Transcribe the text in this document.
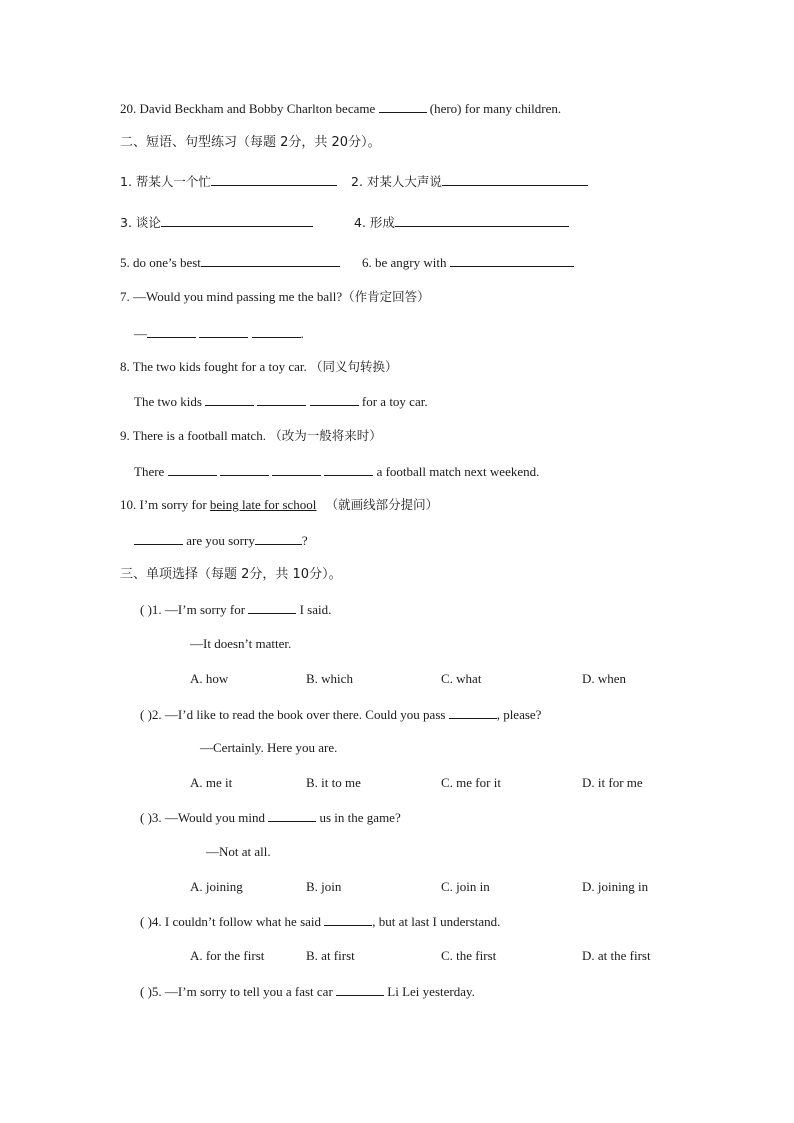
20. David Beckham and Bobby Charlton became	(hero) for many children.
二、短语、句型练习（每题 2分，共 20分）。
1. 帮某人一个忙	2. 对某人大声说
3. 谈论	4. 形成
5. do one’s best	6. be angry with
7. —Would you mind passing me the ball?（作肯定回答）
—	.
8. The two kids fought for a toy car. （同义句转换）
The two kids	for a toy car.
9. There is a football match. （改为一般将来时）
There	a football match next weekend.
10. I’m sorry for being late for school （就画线部分提问）
are you sorry	?
三、单项选择（每题 2分，共 10分）。
( )1. —I’m sorry for	I said.
—It doesn’t matter.
A. how	B. which	C. what	D. when
( )2. —I’d like to read the book over there. Could you pass	, please?
—Certainly. Here you are.
A. me it	B. it to me	C. me for it	D. it for me
( )3. —Would you mind	us in the game?
—Not at all.
A. joining	B. join	C. join in	D. joining in
( )4. I couldn’t follow what he said	, but at last I understand.
A. for the first	B. at first	C. the first	D. at the first
( )5. —I’m sorry to tell you a fast car	Li Lei yesterday.
